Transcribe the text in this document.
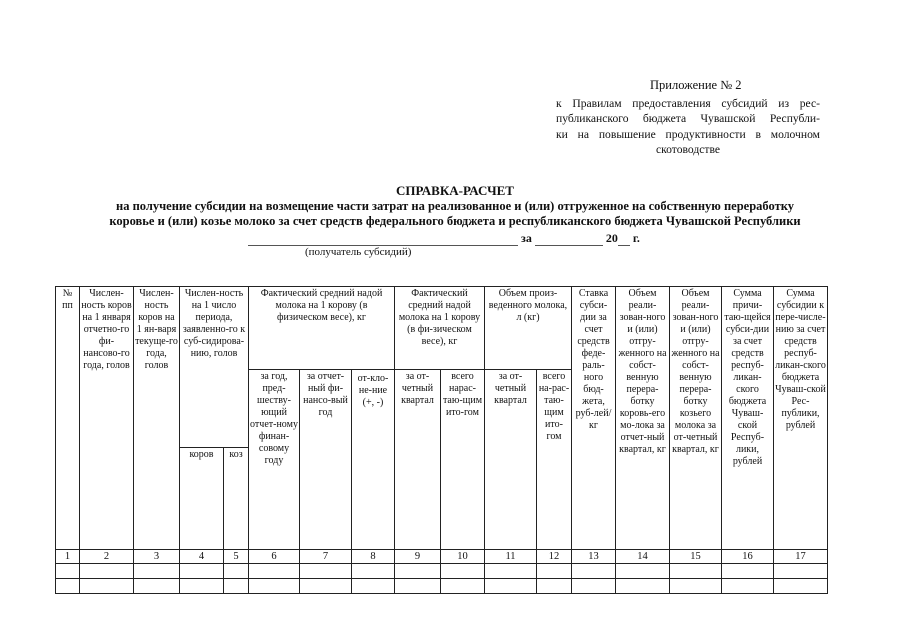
Приложение № 2
к Правилам предоставления субсидий из рес-
публиканского бюджета Чувашской Республи-
ки на повышение продуктивности в молочном
скотоводстве
СПРАВКА-РАСЧЕТ
на получение субсидии на возмещение части затрат на реализованное и (или) отгруженное на собственную переработку
коровье и (или) козье молоко за счет средств федерального бюджета и республиканского бюджета Чувашской Республики
за	20 г.
(получатель субсидий)
№ пп	Числен-ность коров на 1 января отчетно-го фи-нансово-го года, голов	Числен-ность коров на 1 ян-варя текуще-го года, голов	Числен-ность на 1 число периода, заявленно-го к суб-сидирова-нию, голов		Фактический средний надой молока на 1 корову (в физическом весе), кг			Фактический средний надой молока на 1 корову (в фи-зическом весе), кг		Объем произ-веденного молока, л (кг)		Ставка субси-дии за счет средств феде-раль-ного бюд-жета, руб-лей/кг	Объем реали-зован-ного и (или) отгру-женного на собст-венную перера-ботку коровь-его мо-лока за отчет-ный квартал, кг	Объем реали-зован-ного и (или) отгру-женного на собст-венную перера-ботку козьего молока за от-четный квартал, кг	Сумма причи-таю-щейся субси-дии за счет средств респуб-ликан-ского бюджета Чуваш-ской Респуб-лики, рублей	Сумма субсидии к пере-числе-нию за счет средств респуб-ликан-ского бюджета Чуваш-ской Рес-публики, рублей
					за год, пред-шеству-ющий отчет-ному финан-совому году	за отчет-ный фи-нансо-вый год	от-кло-не-ние (+, -)	за от-четный квартал	всего нарас-таю-щим ито-гом	за от-четный квартал	всего на-рас-таю-щим ито-гом					
			коров	коз												
1	2	3	4	5	6	7	8	9	10	11	12	13	14	15	16	17
